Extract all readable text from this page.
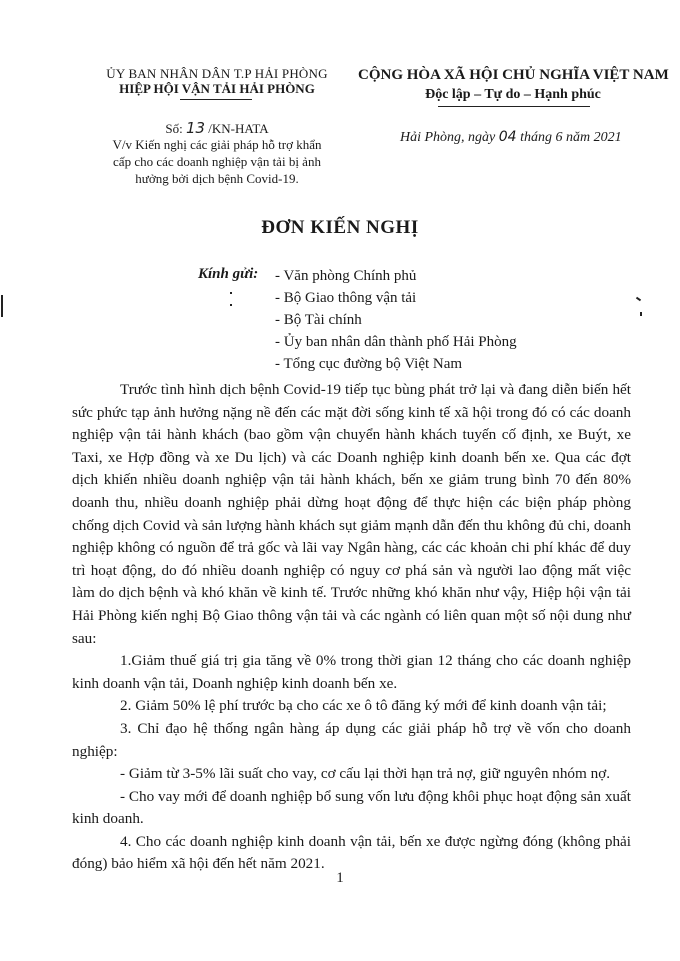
ỦY BAN NHÂN DÂN T.P HẢI PHÒNG
HIỆP HỘI VẬN TẢI HẢI PHÒNG
CỘNG HÒA XÃ HỘI CHỦ NGHĨA VIỆT NAM
Độc lập – Tự do – Hạnh phúc
Số: 13 /KN-HATA
V/v Kiến nghị các giải pháp hỗ trợ khẩn
cấp cho các doanh nghiệp vận tải bị ảnh
hưởng bởi dịch bệnh Covid-19.
Hải Phòng, ngày 04 tháng 6 năm 2021
ĐƠN KIẾN NGHỊ
Kính gửi: - Văn phòng Chính phủ
- Bộ Giao thông vận tải
- Bộ Tài chính
- Ủy ban nhân dân thành phố Hải Phòng
- Tổng cục đường bộ Việt Nam

Trước tình hình dịch bệnh Covid-19 tiếp tục bùng phát trở lại và đang diễn biến hết sức phức tạp ảnh hưởng nặng nề đến các mặt đời sống kinh tế xã hội trong đó có các doanh nghiệp vận tải hành khách (bao gồm vận chuyển hành khách tuyến cố định, xe Buýt, xe Taxi, xe Hợp đồng và xe Du lịch) và các Doanh nghiệp kinh doanh bến xe. Qua các đợt dịch khiến nhiều doanh nghiệp vận tải hành khách, bến xe giảm trung bình 70 đến 80% doanh thu, nhiều doanh nghiệp phải dừng hoạt động để thực hiện các biện pháp phòng chống dịch Covid và sản lượng hành khách sụt giảm mạnh dẫn đến thu không đủ chi, doanh nghiệp không có nguồn để trả gốc và lãi vay Ngân hàng, các các khoản chi phí khác để duy trì hoạt động, do đó nhiều doanh nghiệp có nguy cơ phá sản và người lao động mất việc làm do dịch bệnh và khó khăn về kinh tế. Trước những khó khăn như vậy, Hiệp hội vận tải Hải Phòng kiến nghị Bộ Giao thông vận tải và các ngành có liên quan một số nội dung như sau:

1.Giảm thuế giá trị gia tăng về 0% trong thời gian 12 tháng cho các doanh nghiệp kinh doanh vận tải, Doanh nghiệp kinh doanh bến xe.

2. Giảm 50% lệ phí trước bạ cho các xe ô tô đăng ký mới để kinh doanh vận tải;

3. Chỉ đạo hệ thống ngân hàng áp dụng các giải pháp hỗ trợ về vốn cho doanh nghiệp:

- Giảm từ 3-5% lãi suất cho vay, cơ cấu lại thời hạn trả nợ, giữ nguyên nhóm nợ.

- Cho vay mới để doanh nghiệp bổ sung vốn lưu động khôi phục hoạt động sản xuất kinh doanh.

4. Cho các doanh nghiệp kinh doanh vận tải, bến xe được ngừng đóng (không phải đóng) bảo hiểm xã hội đến hết năm 2021.

1
